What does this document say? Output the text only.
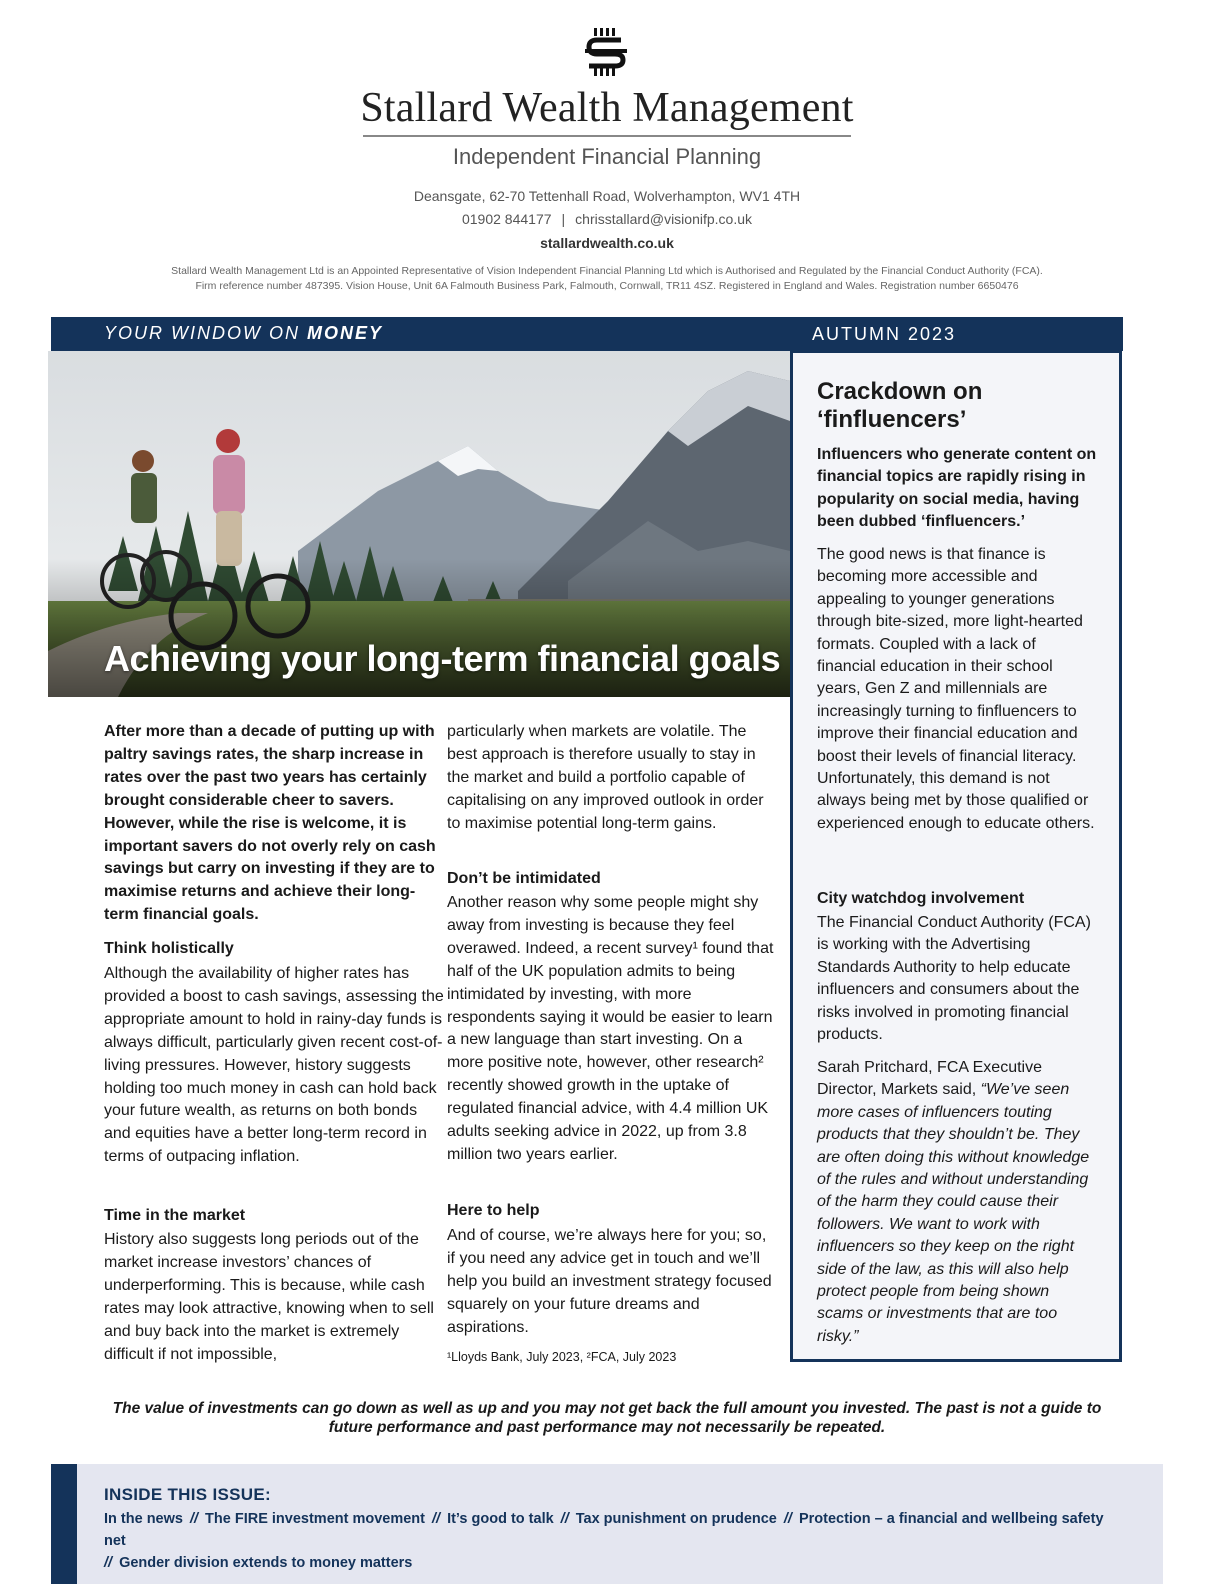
Stallard Wealth Management
Independent Financial Planning
Deansgate, 62-70 Tettenhall Road, Wolverhampton, WV1 4TH
01902 844177 | chrisstallard@visionifp.co.uk
stallardwealth.co.uk
Stallard Wealth Management Ltd is an Appointed Representative of Vision Independent Financial Planning Ltd which is Authorised and Regulated by the Financial Conduct Authority (FCA).
Firm reference number 487395. Vision House, Unit 6A Falmouth Business Park, Falmouth, Cornwall, TR11 4SZ. Registered in England and Wales. Registration number 6650476
YOUR WINDOW ON MONEY	AUTUMN 2023
Achieving your long-term financial goals
After more than a decade of putting up with paltry savings rates, the sharp increase in rates over the past two years has certainly brought considerable cheer to savers. However, while the rise is welcome, it is important savers do not overly rely on cash savings but carry on investing if they are to maximise returns and achieve their long-term financial goals.
Think holistically
Although the availability of higher rates has provided a boost to cash savings, assessing the appropriate amount to hold in rainy-day funds is always difficult, particularly given recent cost-of-living pressures. However, history suggests holding too much money in cash can hold back your future wealth, as returns on both bonds and equities have a better long-term record in terms of outpacing inflation.
Time in the market
History also suggests long periods out of the market increase investors’ chances of underperforming. This is because, while cash rates may look attractive, knowing when to sell and buy back into the market is extremely difficult if not impossible,
particularly when markets are volatile. The best approach is therefore usually to stay in the market and build a portfolio capable of capitalising on any improved outlook in order to maximise potential long-term gains.
Don’t be intimidated
Another reason why some people might shy away from investing is because they feel overawed. Indeed, a recent survey¹ found that half of the UK population admits to being intimidated by investing, with more respondents saying it would be easier to learn a new language than start investing. On a more positive note, however, other research² recently showed growth in the uptake of regulated financial advice, with 4.4 million UK adults seeking advice in 2022, up from 3.8 million two years earlier.
Here to help
And of course, we’re always here for you; so, if you need any advice get in touch and we’ll help you build an investment strategy focused squarely on your future dreams and aspirations.
¹Lloyds Bank, July 2023, ²FCA, July 2023
Crackdown on ‘finfluencers’
Influencers who generate content on financial topics are rapidly rising in popularity on social media, having been dubbed ‘finfluencers.’
The good news is that finance is becoming more accessible and appealing to younger generations through bite-sized, more light-hearted formats. Coupled with a lack of financial education in their school years, Gen Z and millennials are increasingly turning to finfluencers to improve their financial education and boost their levels of financial literacy. Unfortunately, this demand is not always being met by those qualified or experienced enough to educate others.
City watchdog involvement
The Financial Conduct Authority (FCA) is working with the Advertising Standards Authority to help educate influencers and consumers about the risks involved in promoting financial products.
Sarah Pritchard, FCA Executive Director, Markets said, “We’ve seen more cases of influencers touting products that they shouldn’t be. They are often doing this without knowledge of the rules and without understanding of the harm they could cause their followers. We want to work with influencers so they keep on the right side of the law, as this will also help protect people from being shown scams or investments that are too risky.”
The value of investments can go down as well as up and you may not get back the full amount you invested. The past is not a guide to future performance and past performance may not necessarily be repeated.
INSIDE THIS ISSUE:
In the news // The FIRE investment movement // It’s good to talk // Tax punishment on prudence // Protection – a financial and wellbeing safety net
// Gender division extends to money matters
